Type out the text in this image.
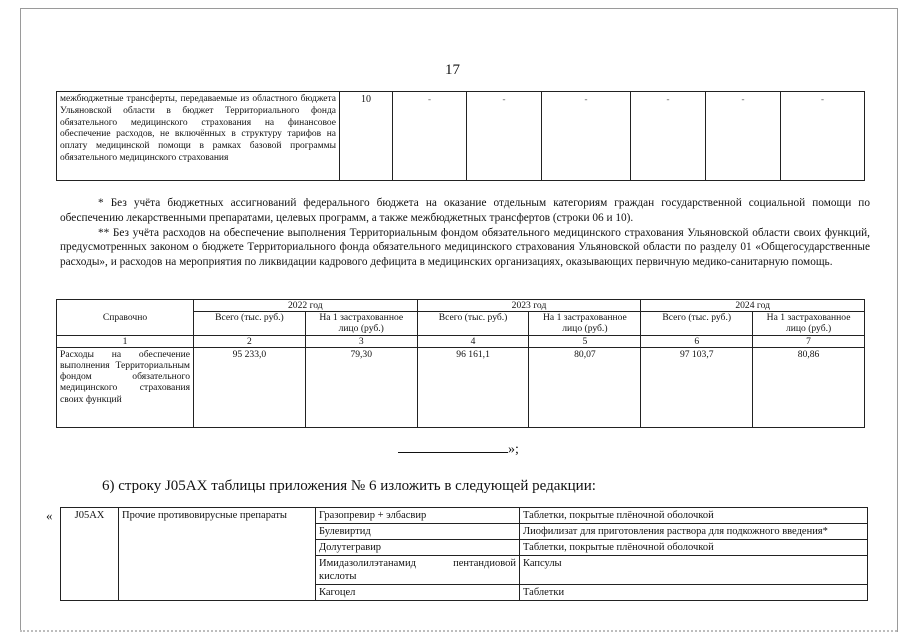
17
межбюджетные трансферты, передаваемые из областного бюджета Ульяновской области в бюджет Территориального фонда обязательного медицинского страхования на финансовое обеспечение расходов, не включённых в структуру тарифов на оплату медицинской помощи в рамках базовой программы обязательного медицинского страхования	10	-	-	-	-	-	-

* Без учёта бюджетных ассигнований федерального бюджета на оказание отдельным категориям граждан государственной социальной помощи по обеспечению лекарственными препаратами, целевых программ, а также межбюджетных трансфертов (строки 06 и 10).

** Без учёта расходов на обеспечение выполнения Территориальным фондом обязательного медицинского страхования Ульяновской области своих функций, предусмотренных законом о бюджете Территориального фонда обязательного медицинского страхования Ульяновской области по разделу 01 «Общегосударственные расходы», и расходов на мероприятия по ликвидации кадрового дефицита в медицинских организациях, оказывающих первичную медико-санитарную помощь.

Справочно	2022 год		2023 год		2024 год	
	Всего (тыс. руб.)	На 1 застрахованное лицо (руб.)	Всего (тыс. руб.)	На 1 застрахованное лицо (руб.)	Всего (тыс. руб.)	На 1 застрахованное лицо (руб.)
1	2	3	4	5	6	7
Расходы на обеспечение выполнения Территориальным фондом обязательного медицинского страхования своих функций	95 233,0	79,30	96 161,1	80,07	97 103,7	80,86
»;
6) строку J05AX таблицы приложения № 6 изложить в следующей редакции:
« J05AX	Прочие противовирусные препараты	Гразопревир + элбасвир	Таблетки, покрытые плёночной оболочкой
		Булевиртид	Лиофилизат для приготовления раствора для подкожного введения*
		Долутегравир	Таблетки, покрытые плёночной оболочкой
		Имидазолилэтанамид пентандиовой кислоты	Капсулы
		Кагоцел	Таблетки
